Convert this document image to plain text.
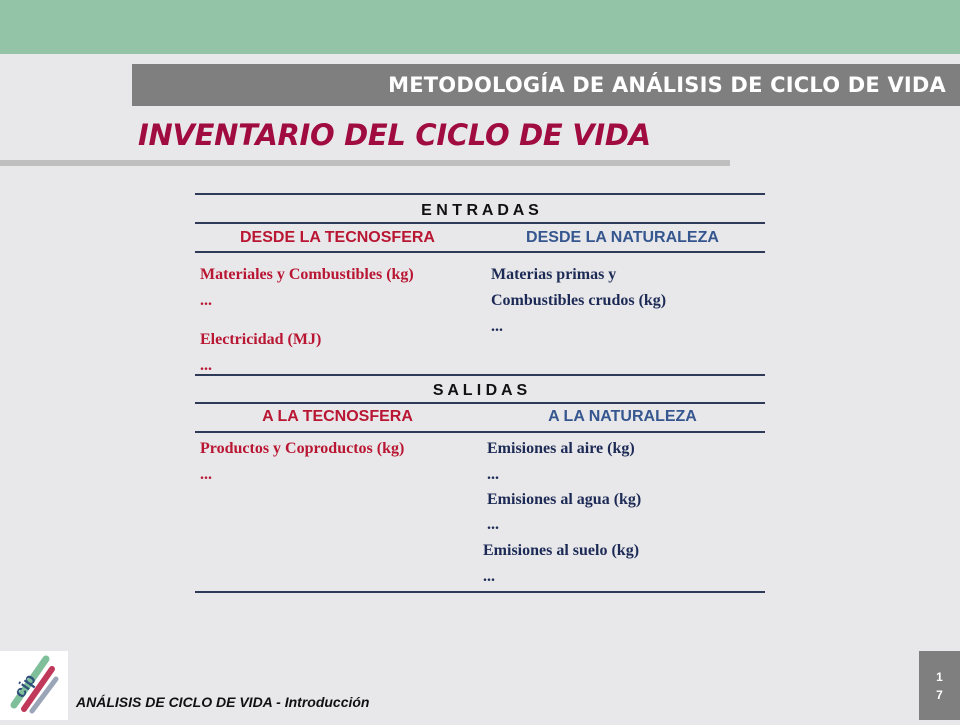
METODOLOGÍA DE ANÁLISIS DE CICLO DE VIDA
INVENTARIO DEL CICLO DE VIDA
E N T R A D A S
DESDE LA TECNOSFERA	DESDE LA NATURALEZA
Materiales y Combustibles (kg)
...
Electricidad (MJ)
...
Materias primas y
Combustibles crudos (kg)
...
S A L I D A S
A LA TECNOSFERA	A LA NATURALEZA
Productos y Coproductos (kg)
...
Emisiones al aire (kg)
...
Emisiones al agua (kg)
...
Emisiones al suelo (kg)
...
cip
ANÁLISIS DE CICLO DE VIDA - Introducción
1
7
